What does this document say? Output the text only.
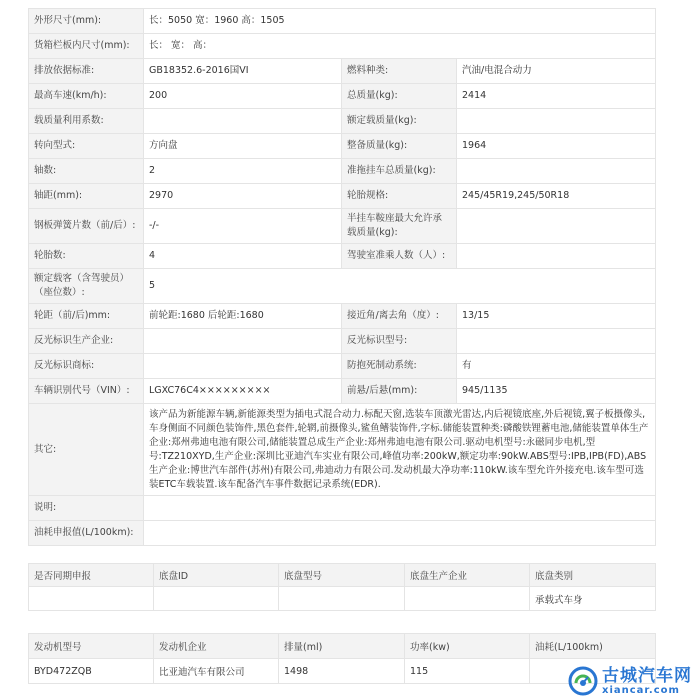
外形尺寸(mm):	长：5050 宽：1960 高：1505		
货箱栏板内尺寸(mm):	长： 宽： 高：		
排放依据标准:	GB18352.6-2016国VI	燃料种类:	汽油/电混合动力
最高车速(km/h):	200	总质量(kg):	2414
载质量利用系数:		额定载质量(kg):	
转向型式:	方向盘	整备质量(kg):	1964
轴数:	2	准拖挂车总质量(kg):	
轴距(mm):	2970	轮胎规格:	245/45R19,245/50R18
钢板弹簧片数（前/后）:	-/-	半挂车鞍座最大允许承载质量(kg):	
轮胎数:	4	驾驶室准乘人数（人）:	
额定载客（含驾驶员）（座位数）:	5		
轮距（前/后)mm:	前轮距:1680 后轮距:1680	接近角/离去角（度）:	13/15
反光标识生产企业:		反光标识型号:	
反光标识商标:		防抱死制动系统:	有
车辆识别代号（VIN）:	LGXC76C4×××××××××	前悬/后悬(mm):	945/1135
其它:	该产品为新能源车辆,新能源类型为插电式混合动力.标配天窗,选装车顶激光雷达,内后视镜底座,外后视镜,翼子板摄像头,车身侧面不同颜色装饰件,黑色套件,轮辋,前摄像头,鲨鱼鳍装饰件,字标.储能装置种类:磷酸铁锂蓄电池,储能装置单体生产企业:郑州弗迪电池有限公司,储能装置总成生产企业:郑州弗迪电池有限公司.驱动电机型号:永磁同步电机,型号:TZ210XYD,生产企业:深圳比亚迪汽车实业有限公司,峰值功率:200kW,额定功率:90kW.ABS型号:IPB,IPB(FD),ABS生产企业:博世汽车部件(苏州)有限公司,弗迪动力有限公司.发动机最大净功率:110kW.该车型允许外接充电.该车型可选装ETC车载装置.该车配备汽车事件数据记录系统(EDR).		
说明:			
油耗申报值(L/100km):			
是否同期申报	底盘ID	底盘型号	底盘生产企业	底盘类别
				承载式车身
发动机型号	发动机企业	排量(ml)	功率(kw)	油耗(L/100km)
BYD472ZQB	比亚迪汽车有限公司	1498	115		古城汽车网
xiancar.com
